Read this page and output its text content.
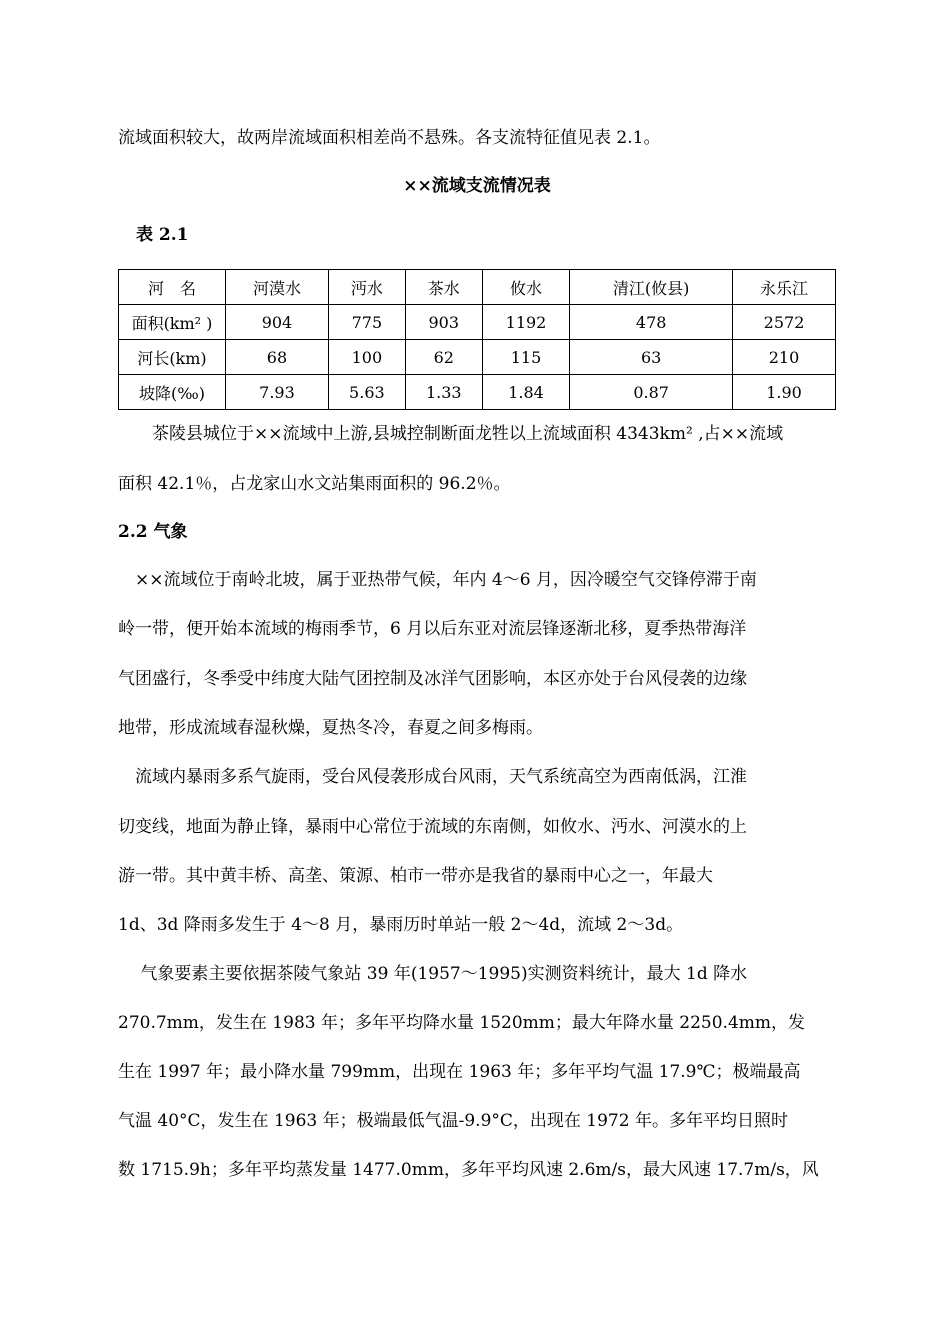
流域面积较大，故两岸流域面积相差尚不悬殊。各支流特征值见表 2.1。
××流域支流情况表
表 2.1
河　名	河漠水	沔水	茶水	攸水	清江(攸县)	永乐江
面积(km² )	904	775	903	1192	478	2572
河长(km)	68	100	62	115	63	210
坡降(‰)	7.93	5.63	1.33	1.84	0.87	1.90
　　茶陵县城位于××流域中上游,县城控制断面龙牲以上流域面积 4343km² ,占××流域
面积 42.1％，占龙家山水文站集雨面积的 96.2％。
2.2 气象
　××流域位于南岭北坡，属于亚热带气候，年内 4～6 月，因冷暖空气交锋停滞于南
岭一带，便开始本流域的梅雨季节，6 月以后东亚对流层锋逐渐北移，夏季热带海洋
气团盛行，冬季受中纬度大陆气团控制及冰洋气团影响，本区亦处于台风侵袭的边缘
地带，形成流域春湿秋燥，夏热冬冷，春夏之间多梅雨。
　流域内暴雨多系气旋雨，受台风侵袭形成台风雨，天气系统高空为西南低涡，江淮
切变线，地面为静止锋，暴雨中心常位于流域的东南侧，如攸水、沔水、河漠水的上
游一带。其中黄丰桥、高垄、策源、柏市一带亦是我省的暴雨中心之一，年最大
1d、3d 降雨多发生于 4～8 月，暴雨历时单站一般 2～4d，流域 2～3d。
　 气象要素主要依据茶陵气象站 39 年(1957～1995)实测资料统计，最大 1d 降水
270.7mm，发生在 1983 年；多年平均降水量 1520mm；最大年降水量 2250.4mm，发
生在 1997 年；最小降水量 799mm，出现在 1963 年；多年平均气温 17.9℃；极端最高
气温 40°C，发生在 1963 年；极端最低气温-9.9°C，出现在 1972 年。多年平均日照时
数 1715.9h；多年平均蒸发量 1477.0mm，多年平均风速 2.6m/s，最大风速 17.7m/s，风
